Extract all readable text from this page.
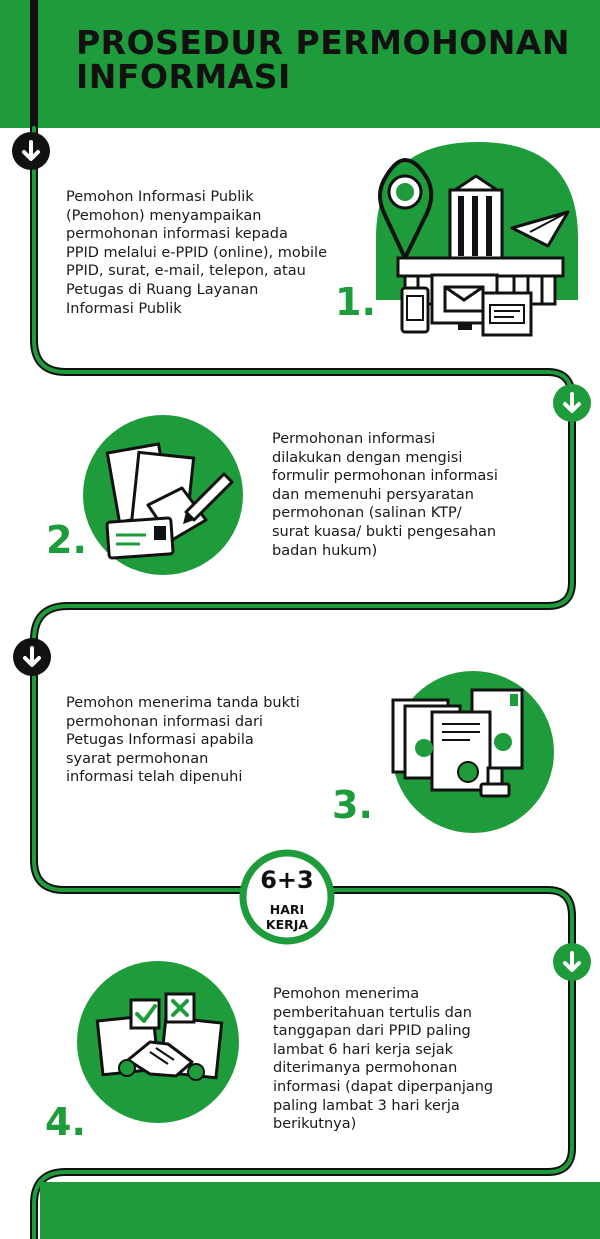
PROSEDUR PERMOHONAN
INFORMASI

Pemohon Informasi Publik
(Pemohon) menyampaikan
permohonan informasi kepada
PPID melalui e-PPID (online), mobile
PPID, surat, e-mail, telepon, atau
Petugas di Ruang Layanan
Informasi Publik	1.

Permohonan informasi
dilakukan dengan mengisi
formulir permohonan informasi
dan memenuhi persyaratan
permohonan (salinan KTP/
surat kuasa/ bukti pengesahan
badan hukum)

2.

Pemohon menerima tanda bukti
permohonan informasi dari
Petugas Informasi apabila
syarat permohonan
informasi telah dipenuhi

3.
6+3
HARI
KERJA

Pemohon menerima
pemberitahuan tertulis dan
tanggapan dari PPID paling
lambat 6 hari kerja sejak
diterimanya permohonan
informasi (dapat diperpanjang
paling lambat 3 hari kerja
berikutnya)

4.
